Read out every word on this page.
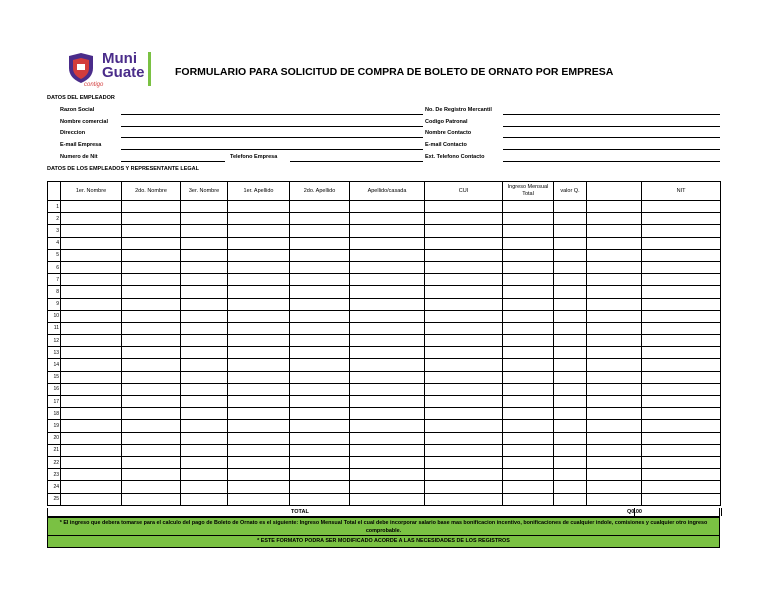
Muni
Guate
contigo
FORMULARIO PARA SOLICITUD DE COMPRA DE BOLETO DE ORNATO POR EMPRESA
DATOS DEL EMPLEADOR
Razon Social
Nombre comercial
Direccion
E-mail Empresa
Numero de Nit	Telefono Empresa
No. De Registro Mercantil
Codigo Patronal
Nombre Contacto
E-mail Contacto
Ext. Telefono Contacto
DATOS DE LOS EMPLEADOS Y REPRESENTANTE LEGAL
	1er. Nombre	2do. Nombre	3er. Nombre	1er. Apellido	2do. Apellido	Apellido/casada	CUI	Ingreso Mensual Total	valor Q.		NIT
1											
2											
3											
4											
5											
6											
7											
8											
9											
10											
11											
12											
13											
14											
15											
16											
17											
18											
19											
20											
21											
22											
23											
24											
25											
TOTAL	Q0.00
* El ingreso que debera tomarse para el calculo del pago de Boleto de Ornato es el siguiente: Ingreso Mensual Total el cual debe incorporar salario base mas bonificacion incentivo, bonificaciones de cualquier indole, comisiones y cualquier otro ingreso comprobable.
* ESTE FORMATO PODRA SER MODIFICADO ACORDE A LAS NECESIDADES DE LOS REGISTROS
